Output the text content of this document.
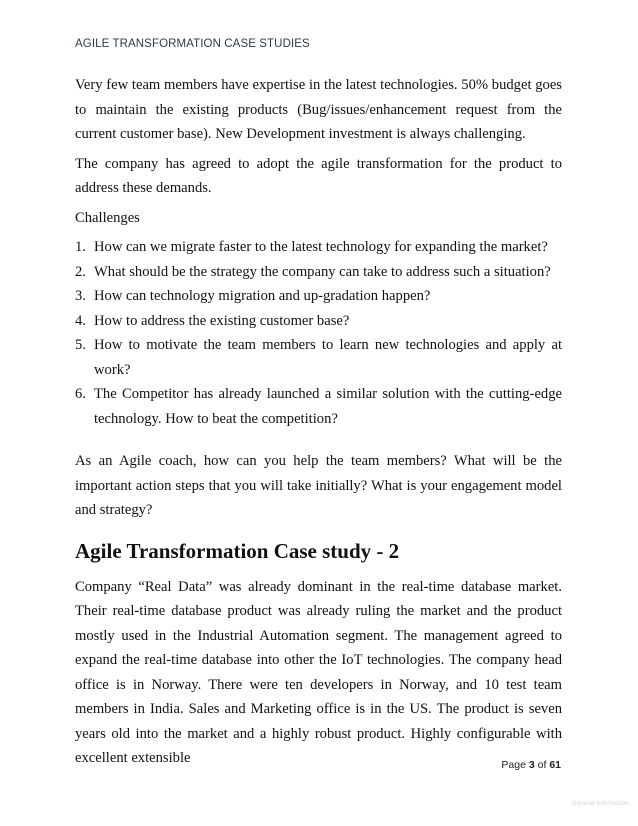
AGILE TRANSFORMATION CASE STUDIES

Very few team members have expertise in the latest technologies. 50% budget goes to maintain the existing products (Bug/issues/enhancement request from the current customer base). New Development investment is always challenging.

The company has agreed to adopt the agile transformation for the product to address these demands.

Challenges

1. How can we migrate faster to the latest technology for expanding the market?
2. What should be the strategy the company can take to address such a situation?
3. How can technology migration and up-gradation happen?
4. How to address the existing customer base?
5. How to motivate the team members to learn new technologies and apply at work?
6. The Competitor has already launched a similar solution with the cutting-edge technology. How to beat the competition?

As an Agile coach, how can you help the team members? What will be the important action steps that you will take initially? What is your engagement model and strategy?

Agile Transformation Case study - 2

Company “Real Data” was already dominant in the real-time database market. Their real-time database product was already ruling the market and the product mostly used in the Industrial Automation segment. The management agreed to expand the real-time database into other the IoT technologies. The company head office is in Norway. There were ten developers in Norway, and 10 test team members in India. Sales and Marketing office is in the US. The product is seven years old into the market and a highly robust product. Highly configurable with excellent extensible	Page 3 of 61
General Information
